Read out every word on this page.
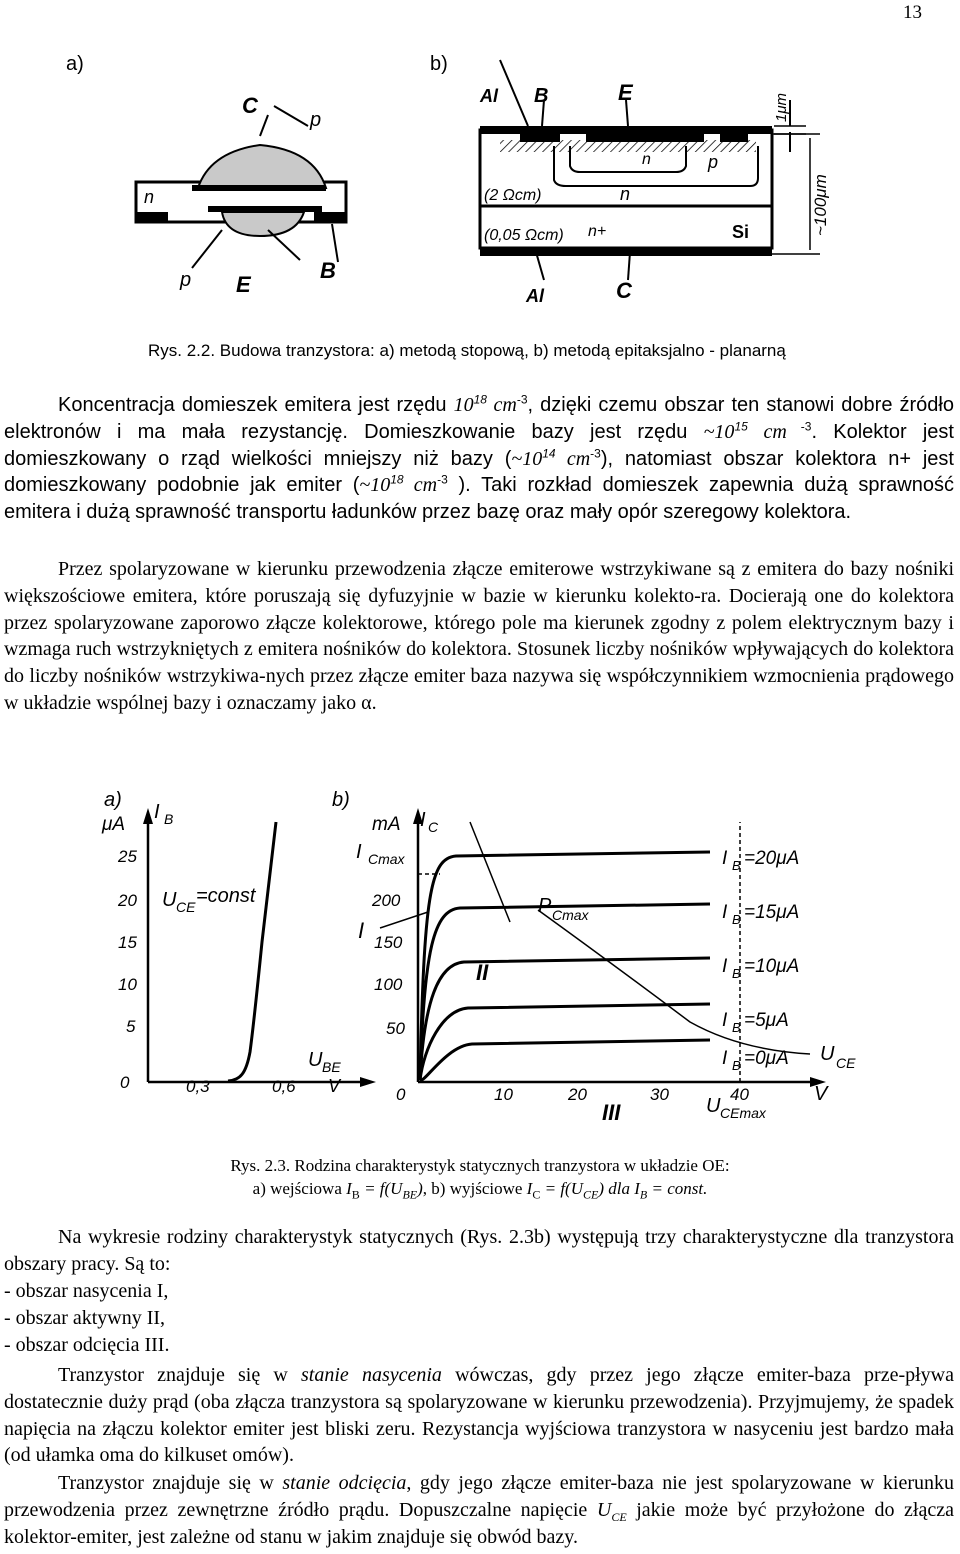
13
a)	b)
C
p
n
p E
B
Al B	E
n	p
(2 Ωcm)	n
(0,05 Ωcm) n+	Si
Al	C
1μm
~100μm
Rys. 2.2. Budowa tranzystora: a) metodą stopową, b) metodą epitaksjalno - planarną

Koncentracja domieszek emitera jest rzędu $10^{18}$ $cm^{-3}$, dzięki czemu obszar ten stanowi dobre źródło elektronów i ma mała rezystancję. Domieszkowanie bazy jest rzędu $\sim 10^{15}$ cm $^{-3}$. Kolektor jest domieszkowany o rząd wielkości mniejszy niż bazy ($\sim 10^{14}$ $cm^{-3}$), natomiast obszar kolektora n+ jest domieszkowany podobnie jak emiter ($\sim 10^{18}$ $cm^{-3}$ ). Taki rozkład domieszek zapewnia dużą sprawność emitera i dużą sprawność transportu ładunków przez bazę oraz mały opór szeregowy kolektora.

Przez spolaryzowane w kierunku przewodzenia złącze emiterowe wstrzykiwane są z emitera do bazy nośniki większościowe emitera, które poruszają się dyfuzyjnie w bazie w kierunku kolekto-ra. Docierają one do kolektora przez spolaryzowane zaporowo złącze kolektorowe, którego pole ma kierunek zgodny z polem elektrycznym bazy i wzmaga ruch wstrzykniętych z emitera nośników do kolektora. Stosunek liczby nośników wpływających do kolektora do liczby nośników wstrzykiwa-nych przez złącze emiter baza nazywa się współczynnikiem wzmocnienia prądowego w układzie wspólnej bazy i oznaczamy jako α.

a)
μA
I B
25
20
15
10
5
0	0,3	0,6 V
U BE
U CE =const
b)
mA I C
I Cmax
200
150
100
50
0	10	20	30	40	V
U CE
U CEmax
P Cmax
I
II
III
I B =20μA
I B =15μA
I B =10μA
I B =5μA
I B =0μA
Rys. 2.3. Rodzina charakterystyk statycznych tranzystora w układzie OE:
a) wejściowa $I_B = f(U_{BE})$, b) wyjściowe $I_C = f(U_{CE})$ dla $I_B$ = const.

Na wykresie rodziny charakterystyk statycznych (Rys. 2.3b) występują trzy charakterystyczne dla tranzystora obszary pracy. Są to:

- obszar nasycenia I,
- obszar aktywny II,
- obszar odcięcia III.

Tranzystor znajduje się w stanie nasycenia wówczas, gdy przez jego złącze emiter-baza prze-pływa dostatecznie duży prąd (oba złącza tranzystora są spolaryzowane w kierunku przewodzenia). Przyjmujemy, że spadek napięcia na złączu kolektor emiter jest bliski zeru. Rezystancja wyjściowa tranzystora w nasyceniu jest bardzo mała (od ułamka oma do kilkuset omów).

Tranzystor znajduje się w stanie odcięcia, gdy jego złącze emiter-baza nie jest spolaryzowane w kierunku przewodzenia przez zewnętrzne źródło prądu. Dopuszczalne napięcie $U_{CE}$ jakie może być przyłożone do złącza kolektor-emiter, jest zależne od stanu w jakim znajduje się obwód bazy.
